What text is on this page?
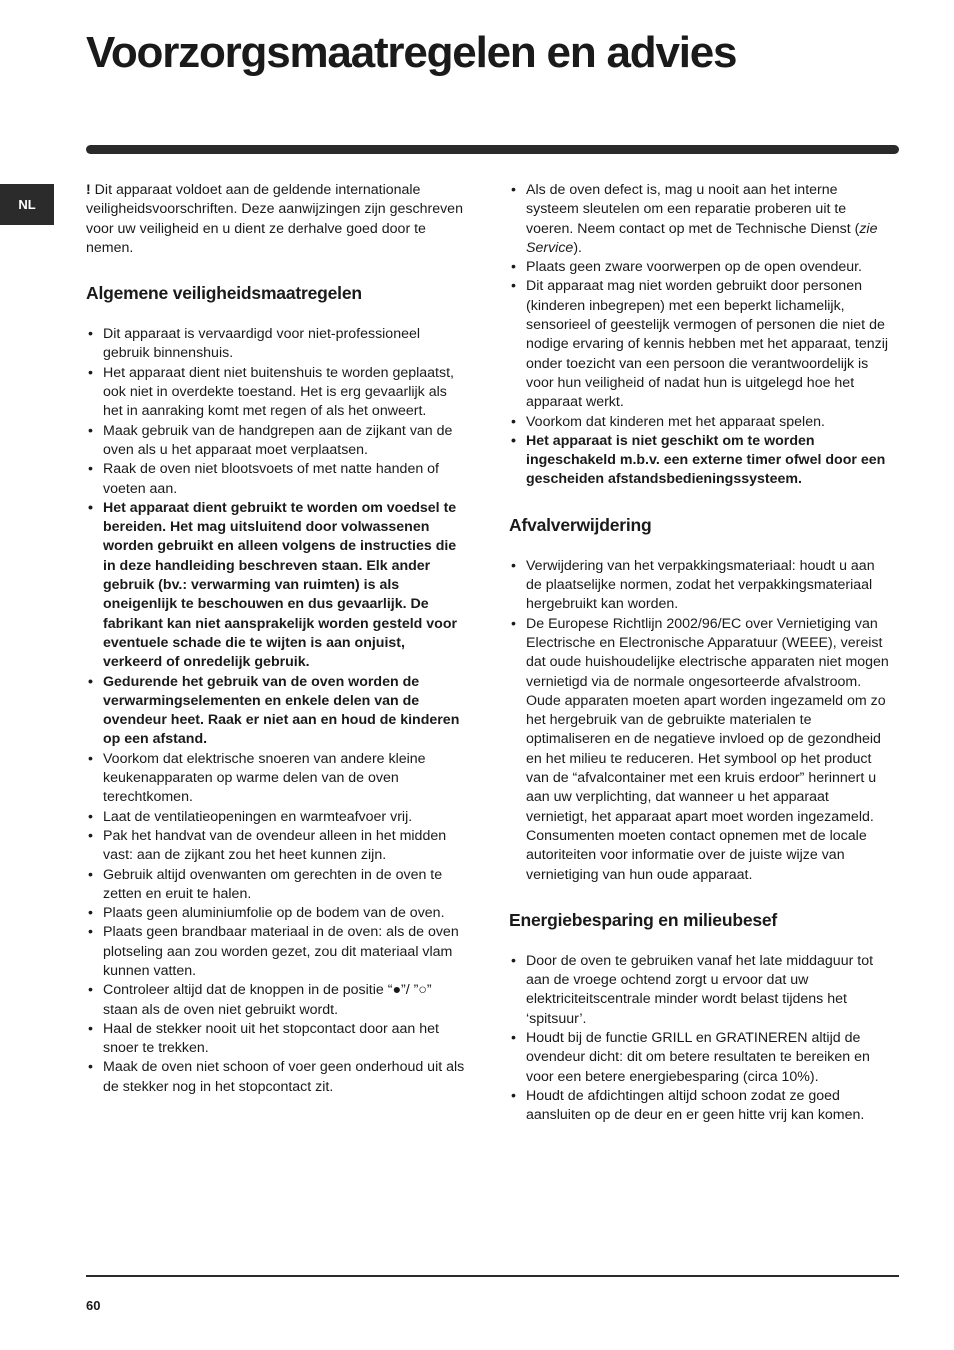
Voorzorgsmaatregelen en advies
NL

! Dit apparaat voldoet aan de geldende internationale veiligheidsvoorschriften. Deze aanwijzingen zijn geschreven voor uw veiligheid en u dient ze derhalve goed door te nemen.

Algemene veiligheidsmaatregelen
• Dit apparaat is vervaardigd voor niet-professioneel gebruik binnenshuis.
• Het apparaat dient niet buitenshuis te worden geplaatst, ook niet in overdekte toestand. Het is erg gevaarlijk als het in aanraking komt met regen of als het onweert.
• Maak gebruik van de handgrepen aan de zijkant van de oven als u het apparaat moet verplaatsen.
• Raak de oven niet blootsvoets of met natte handen of voeten aan.
• Het apparaat dient gebruikt te worden om voedsel te bereiden. Het mag uitsluitend door volwassenen worden gebruikt en alleen volgens de instructies die in deze handleiding beschreven staan. Elk ander gebruik (bv.: verwarming van ruimten) is als oneigenlijk te beschouwen en dus gevaarlijk. De fabrikant kan niet aansprakelijk worden gesteld voor eventuele schade die te wijten is aan onjuist, verkeerd of onredelijk gebruik.
• Gedurende het gebruik van de oven worden de verwarmingselementen en enkele delen van de ovendeur heet. Raak er niet aan en houd de kinderen op een afstand.
• Voorkom dat elektrische snoeren van andere kleine keukenapparaten op warme delen van de oven terechtkomen.
• Laat de ventilatieopeningen en warmteafvoer vrij.
• Pak het handvat van de ovendeur alleen in het midden vast: aan de zijkant zou het heet kunnen zijn.
• Gebruik altijd ovenwanten om gerechten in de oven te zetten en eruit te halen.
• Plaats geen aluminiumfolie op de bodem van de oven.
• Plaats geen brandbaar materiaal in de oven: als de oven plotseling aan zou worden gezet, zou dit materiaal vlam kunnen vatten.
• Controleer altijd dat de knoppen in de positie “●”/ ”○” staan als de oven niet gebruikt wordt.
• Haal de stekker nooit uit het stopcontact door aan het snoer te trekken.
• Maak de oven niet schoon of voer geen onderhoud uit als de stekker nog in het stopcontact zit.
• Als de oven defect is, mag u nooit aan het interne systeem sleutelen om een reparatie proberen uit te voeren. Neem contact op met de Technische Dienst (zie Service).
• Plaats geen zware voorwerpen op de open ovendeur.
• Dit apparaat mag niet worden gebruikt door personen (kinderen inbegrepen) met een beperkt lichamelijk, sensorieel of geestelijk vermogen of personen die niet de nodige ervaring of kennis hebben met het apparaat, tenzij onder toezicht van een persoon die verantwoordelijk is voor hun veiligheid of nadat hun is uitgelegd hoe het apparaat werkt.
• Voorkom dat kinderen met het apparaat spelen.
• Het apparaat is niet geschikt om te worden ingeschakeld m.b.v. een externe timer ofwel door een gescheiden afstandsbedieningssysteem.
Afvalverwijdering
• Verwijdering van het verpakkingsmateriaal: houdt u aan de plaatselijke normen, zodat het verpakkingsmateriaal hergebruikt kan worden.
• De Europese Richtlijn 2002/96/EC over Vernietiging van Electrische en Electronische Apparatuur (WEEE), vereist dat oude huishoudelijke electrische apparaten niet mogen vernietigd via de normale ongesorteerde afvalstroom. Oude apparaten moeten apart worden ingezameld om zo het hergebruik van de gebruikte materialen te optimaliseren en de negatieve invloed op de gezondheid en het milieu te reduceren. Het symbool op het product van de “afvalcontainer met een kruis erdoor” herinnert u aan uw verplichting, dat wanneer u het apparaat vernietigt, het apparaat apart moet worden ingezameld.
Consumenten moeten contact opnemen met de locale autoriteiten voor informatie over de juiste wijze van vernietiging van hun oude apparaat.
Energiebesparing en milieubesef
• Door de oven te gebruiken vanaf het late middaguur tot aan de vroege ochtend zorgt u ervoor dat uw elektriciteitscentrale minder wordt belast tijdens het ‘spitsuur’.
• Houdt bij de functie GRILL en GRATINEREN altijd de ovendeur dicht: dit om betere resultaten te bereiken en voor een betere energiebesparing (circa 10%).
• Houdt de afdichtingen altijd schoon zodat ze goed aansluiten op de deur en er geen hitte vrij kan komen.
60
